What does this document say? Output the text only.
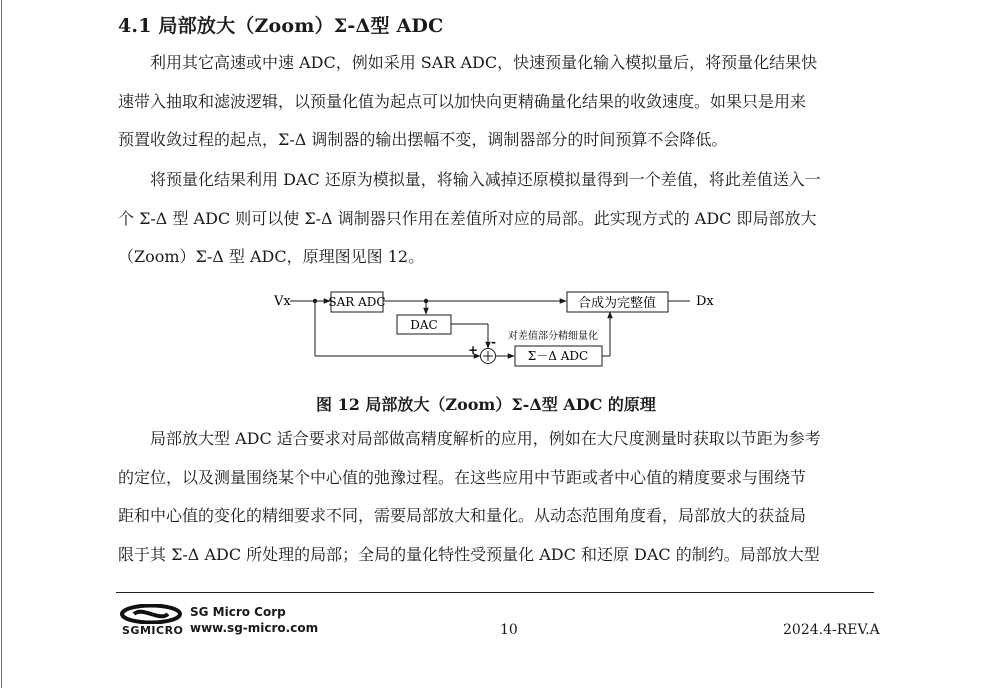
4.1 局部放大（Zoom）Σ-Δ型 ADC
利用其它高速或中速 ADC，例如采用 SAR ADC，快速预量化输入模拟量后，将预量化结果快
速带入抽取和滤波逻辑，以预量化值为起点可以加快向更精确量化结果的收敛速度。如果只是用来
预置收敛过程的起点，Σ-Δ 调制器的输出摆幅不变，调制器部分的时间预算不会降低。
将预量化结果利用 DAC 还原为模拟量，将输入减掉还原模拟量得到一个差值，将此差值送入一
个 Σ-Δ 型 ADC 则可以使 Σ-Δ 调制器只作用在差值所对应的局部。此实现方式的 ADC 即局部放大
（Zoom）Σ-Δ 型 ADC，原理图见图 12。
Vx	SAR ADC
DAC
+
-
Σ－Δ ADC
对差值部分精细量化
合成为完整值	Dx
图 12 局部放大（Zoom）Σ-Δ型 ADC 的原理
局部放大型 ADC 适合要求对局部做高精度解析的应用，例如在大尺度测量时获取以节距为参考
的定位，以及测量围绕某个中心值的弛豫过程。在这些应用中节距或者中心值的精度要求与围绕节
距和中心值的变化的精细要求不同，需要局部放大和量化。从动态范围角度看，局部放大的获益局
限于其 Σ-Δ ADC 所处理的局部；全局的量化特性受预量化 ADC 和还原 DAC 的制约。局部放大型
SGMICRO
SG Micro Corp
www.sg-micro.com	10	2024.4-REV.A
